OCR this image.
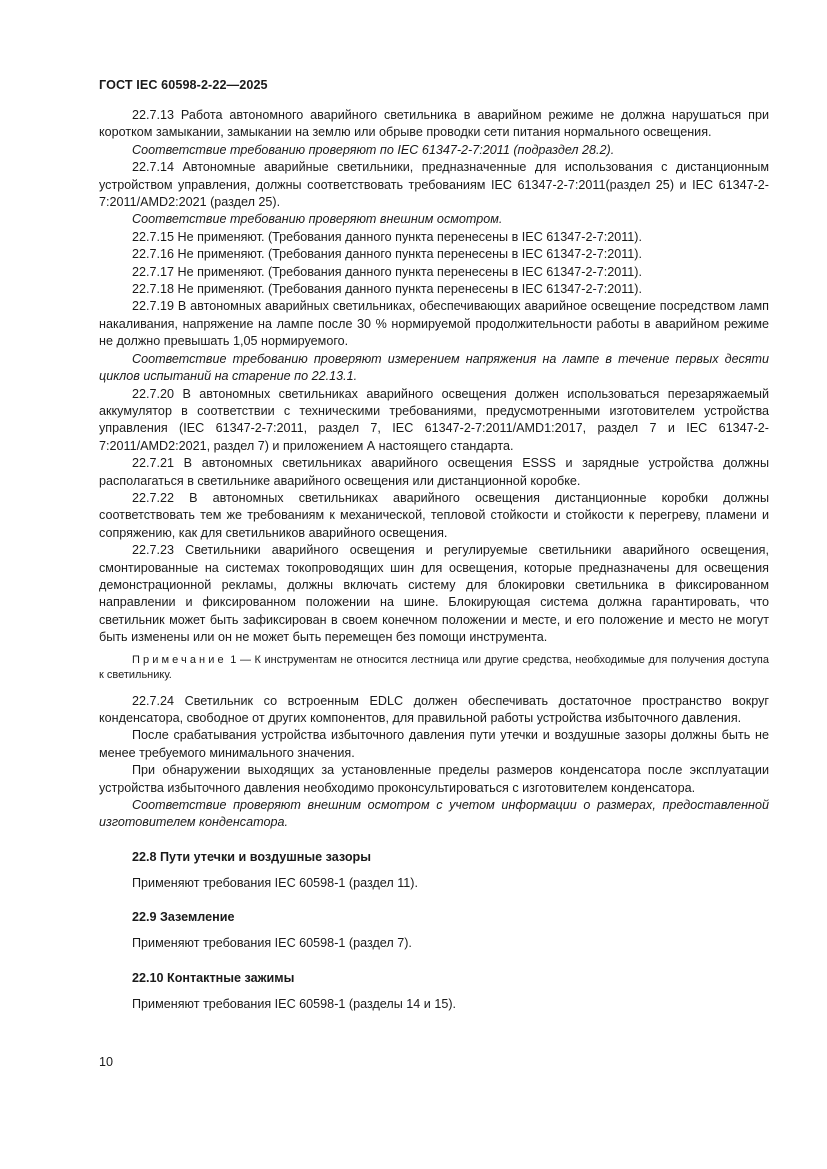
ГОСТ IEC 60598-2-22—2025

22.7.13 Работа автономного аварийного светильника в аварийном режиме не должна нарушаться при коротком замыкании, замыкании на землю или обрыве проводки сети питания нормального освещения.

Соответствие требованию проверяют по IEC 61347-2-7:2011 (подраздел 28.2).

22.7.14 Автономные аварийные светильники, предназначенные для использования с дистанционным устройством управления, должны соответствовать требованиям IEC 61347-2-7:2011(раздел 25) и IEC 61347-2-7:2011/AMD2:2021 (раздел 25).

Соответствие требованию проверяют внешним осмотром.

22.7.15 Не применяют. (Требования данного пункта перенесены в IEC 61347-2-7:2011).

22.7.16 Не применяют. (Требования данного пункта перенесены в IEC 61347-2-7:2011).

22.7.17 Не применяют. (Требования данного пункта перенесены в IEC 61347-2-7:2011).

22.7.18 Не применяют. (Требования данного пункта перенесены в IEC 61347-2-7:2011).

22.7.19 В автономных аварийных светильниках, обеспечивающих аварийное освещение посредством ламп накаливания, напряжение на лампе после 30 % нормируемой продолжительности работы в аварийном режиме не должно превышать 1,05 нормируемого.

Соответствие требованию проверяют измерением напряжения на лампе в течение первых десяти циклов испытаний на старение по 22.13.1.

22.7.20 В автономных светильниках аварийного освещения должен использоваться перезаряжаемый аккумулятор в соответствии с техническими требованиями, предусмотренными изготовителем устройства управления (IEC 61347-2-7:2011, раздел 7, IEC 61347-2-7:2011/AMD1:2017, раздел 7 и IEC 61347-2-7:2011/AMD2:2021, раздел 7) и приложением А настоящего стандарта.

22.7.21 В автономных светильниках аварийного освещения ESSS и зарядные устройства должны располагаться в светильнике аварийного освещения или дистанционной коробке.

22.7.22 В автономных светильниках аварийного освещения дистанционные коробки должны соответствовать тем же требованиям к механической, тепловой стойкости и стойкости к перегреву, пламени и сопряжению, как для светильников аварийного освещения.

22.7.23 Светильники аварийного освещения и регулируемые светильники аварийного освещения, смонтированные на системах токопроводящих шин для освещения, которые предназначены для освещения демонстрационной рекламы, должны включать систему для блокировки светильника в фиксированном направлении и фиксированном положении на шине. Блокирующая система должна гарантировать, что светильник может быть зафиксирован в своем конечном положении и месте, и его положение и место не могут быть изменены или он не может быть перемещен без помощи инструмента.

Примечание 1 — К инструментам не относится лестница или другие средства, необходимые для получения доступа к светильнику.

22.7.24 Светильник со встроенным EDLC должен обеспечивать достаточное пространство вокруг конденсатора, свободное от других компонентов, для правильной работы устройства избыточного давления.

После срабатывания устройства избыточного давления пути утечки и воздушные зазоры должны быть не менее требуемого минимального значения.

При обнаружении выходящих за установленные пределы размеров конденсатора после эксплуатации устройства избыточного давления необходимо проконсультироваться с изготовителем конденсатора.

Соответствие проверяют внешним осмотром с учетом информации о размерах, предоставленной изготовителем конденсатора.

22.8 Пути утечки и воздушные зазоры
Применяют требования IEC 60598-1 (раздел 11).
22.9 Заземление
Применяют требования IEC 60598-1 (раздел 7).
22.10 Контактные зажимы
Применяют требования IEC 60598-1 (разделы 14 и 15).
10
